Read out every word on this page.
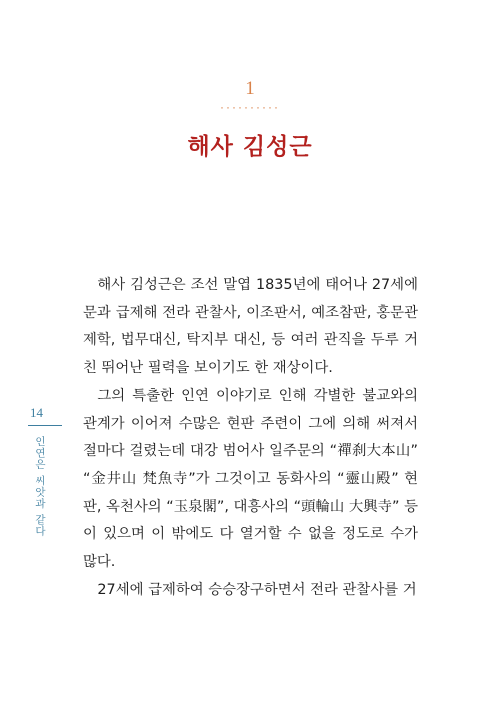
1
··········
해사 김성근

해사 김성근은 조선 말엽 1835년에 태어나 27세에 문과 급제해 전라 관찰사, 이조판서, 예조참판, 홍문관 제학, 법무대신, 탁지부 대신, 등 여러 관직을 두루 거친 뛰어난 필력을 보이기도 한 재상이다.

그의 특출한 인연 이야기로 인해 각별한 불교와의 관계가 이어져 수많은 현판 주련이 그에 의해 써져서 절마다 걸렸는데 대강 범어사 일주문의 “禪刹大本山” “金井山 梵魚寺”가 그것이고 동화사의 “靈山殿” 현판, 옥천사의 “玉泉閣”, 대흥사의 “頭輪山 大興寺” 등이 있으며 이 밖에도 다 열거할 수 없을 정도로 수가 많다.

27세에 급제하여 승승장구하면서 전라 관찰사를 거

14
인연은 씨앗과 같다
